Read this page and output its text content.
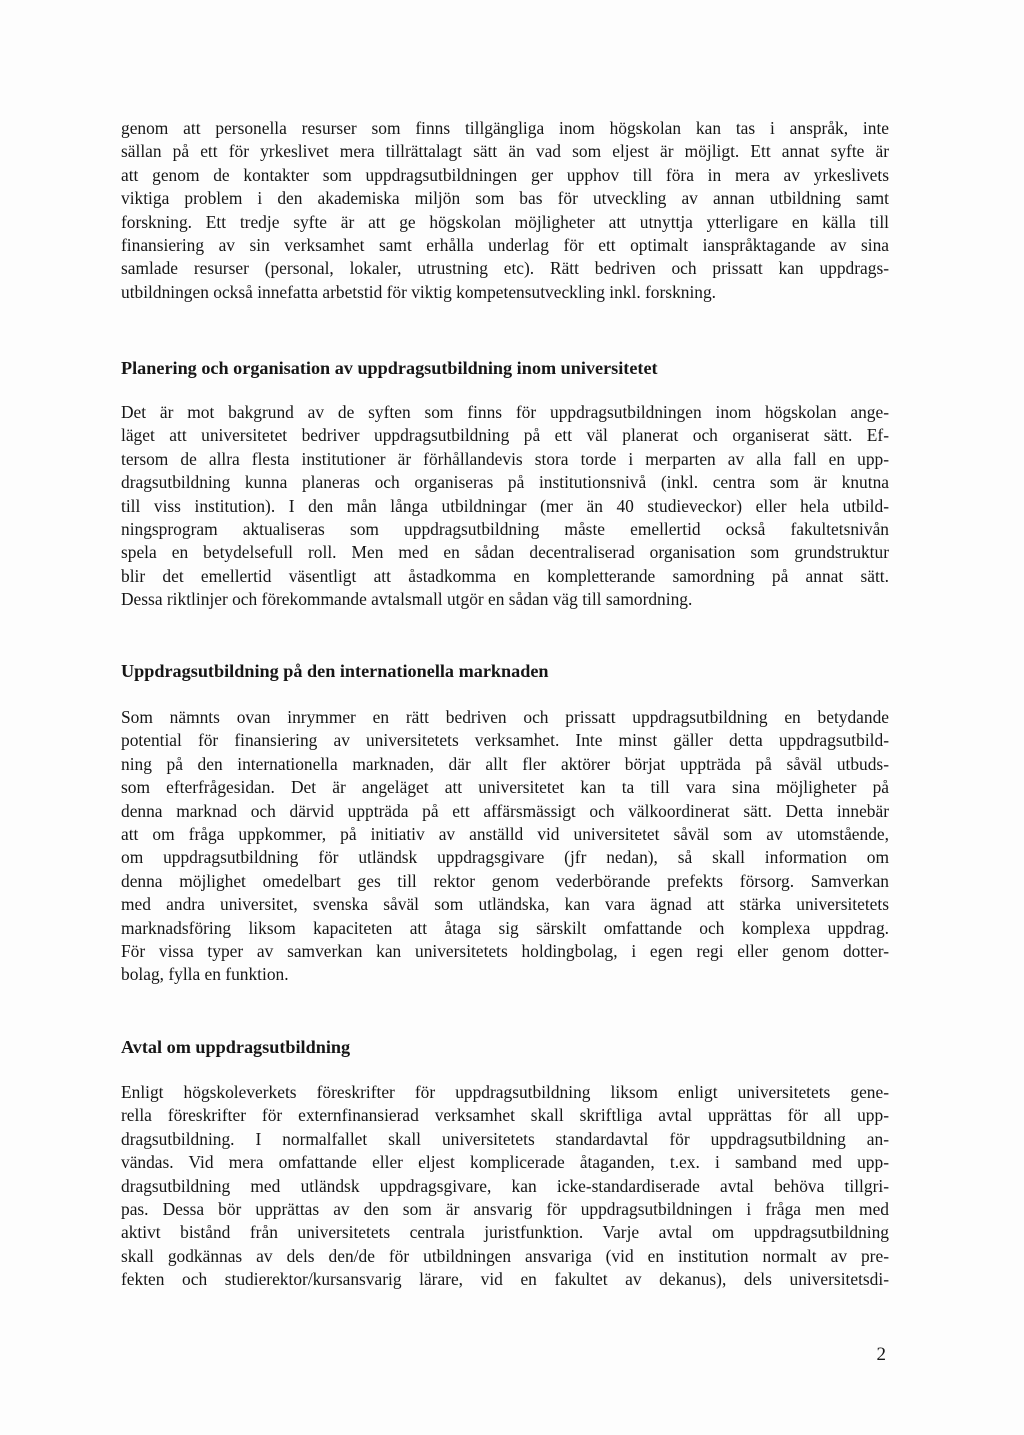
genom att personella resurser som finns tillgängliga inom högskolan kan tas i anspråk, inte
sällan på ett för yrkeslivet mera tillrättalagt sätt än vad som eljest är möjligt. Ett annat syfte är
att genom de kontakter som uppdragsutbildningen ger upphov till föra in mera av yrkeslivets
viktiga problem i den akademiska miljön som bas för utveckling av annan utbildning samt
forskning. Ett tredje syfte är att ge högskolan möjligheter att utnyttja ytterligare en källa till
finansiering av sin verksamhet samt erhålla underlag för ett optimalt ianspråktagande av sina
samlade resurser (personal, lokaler, utrustning etc). Rätt bedriven och prissatt kan uppdrags-
utbildningen också innefatta arbetstid för viktig kompetensutveckling inkl. forskning.
Planering och organisation av uppdragsutbildning inom universitetet
Det är mot bakgrund av de syften som finns för uppdragsutbildningen inom högskolan ange-
läget att universitetet bedriver uppdragsutbildning på ett väl planerat och organiserat sätt. Ef-
tersom de allra flesta institutioner är förhållandevis stora torde i merparten av alla fall en upp-
dragsutbildning kunna planeras och organiseras på institutionsnivå (inkl. centra som är knutna
till viss institution). I den mån långa utbildningar (mer än 40 studieveckor) eller hela utbild-
ningsprogram aktualiseras som uppdragsutbildning måste emellertid också fakultetsnivån
spela en betydelsefull roll. Men med en sådan decentraliserad organisation som grundstruktur
blir det emellertid väsentligt att åstadkomma en kompletterande samordning på annat sätt.
Dessa riktlinjer och förekommande avtalsmall utgör en sådan väg till samordning.
Uppdragsutbildning på den internationella marknaden
Som nämnts ovan inrymmer en rätt bedriven och prissatt uppdragsutbildning en betydande
potential för finansiering av universitetets verksamhet. Inte minst gäller detta uppdragsutbild-
ning på den internationella marknaden, där allt fler aktörer börjat uppträda på såväl utbuds-
som efterfrågesidan. Det är angeläget att universitetet kan ta till vara sina möjligheter på
denna marknad och därvid uppträda på ett affärsmässigt och välkoordinerat sätt. Detta innebär
att om fråga uppkommer, på initiativ av anställd vid universitetet såväl som av utomstående,
om uppdragsutbildning för utländsk uppdragsgivare (jfr nedan), så skall information om
denna möjlighet omedelbart ges till rektor genom vederbörande prefekts försorg. Samverkan
med andra universitet, svenska såväl som utländska, kan vara ägnad att stärka universitetets
marknadsföring liksom kapaciteten att åtaga sig särskilt omfattande och komplexa uppdrag.
För vissa typer av samverkan kan universitetets holdingbolag, i egen regi eller genom dotter-
bolag, fylla en funktion.
Avtal om uppdragsutbildning
Enligt högskoleverkets föreskrifter för uppdragsutbildning liksom enligt universitetets gene-
rella föreskrifter för externfinansierad verksamhet skall skriftliga avtal upprättas för all upp-
dragsutbildning. I normalfallet skall universitetets standardavtal för uppdragsutbildning an-
vändas. Vid mera omfattande eller eljest komplicerade åtaganden, t.ex. i samband med upp-
dragsutbildning med utländsk uppdragsgivare, kan icke-standardiserade avtal behöva tillgri-
pas. Dessa bör upprättas av den som är ansvarig för uppdragsutbildningen i fråga men med
aktivt bistånd från universitetets centrala juristfunktion. Varje avtal om uppdragsutbildning
skall godkännas av dels den/de för utbildningen ansvariga (vid en institution normalt av pre-
fekten och studierektor/kursansvarig lärare, vid en fakultet av dekanus), dels universitetsdi-
2
